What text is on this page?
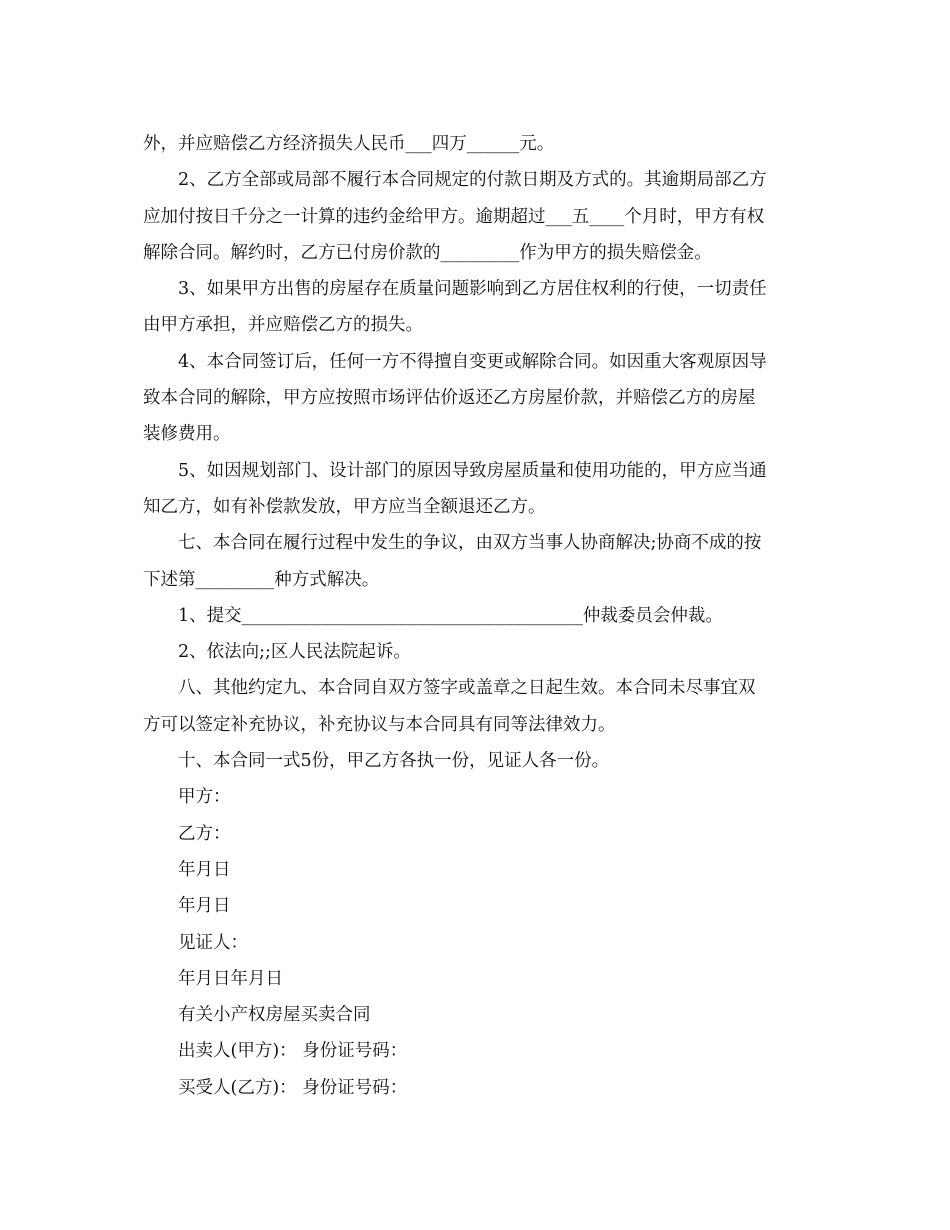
外，并应赔偿乙方经济损失人民币___四万______元。
2、乙方全部或局部不履行本合同规定的付款日期及方式的。其逾期局部乙方
应加付按日千分之一计算的违约金给甲方。逾期超过___五____个月时，甲方有权
解除合同。解约时，乙方已付房价款的_________作为甲方的损失赔偿金。
3、如果甲方出售的房屋存在质量问题影响到乙方居住权利的行使，一切责任
由甲方承担，并应赔偿乙方的损失。
4、本合同签订后，任何一方不得擅自变更或解除合同。如因重大客观原因导
致本合同的解除，甲方应按照市场评估价返还乙方房屋价款，并赔偿乙方的房屋
装修费用。
5、如因规划部门、设计部门的原因导致房屋质量和使用功能的，甲方应当通
知乙方，如有补偿款发放，甲方应当全额退还乙方。
七、本合同在履行过程中发生的争议，由双方当事人协商解决;协商不成的按
下述第_________种方式解决。
1、提交_______________________________________仲裁委员会仲裁。
2、依法向;;区人民法院起诉。
八、其他约定九、本合同自双方签字或盖章之日起生效。本合同未尽事宜双
方可以签定补充协议，补充协议与本合同具有同等法律效力。
十、本合同一式5份，甲乙方各执一份，见证人各一份。
甲方：
乙方：
年月日
年月日
见证人：
年月日年月日
有关小产权房屋买卖合同
出卖人(甲方)： 身份证号码：
买受人(乙方)： 身份证号码：
